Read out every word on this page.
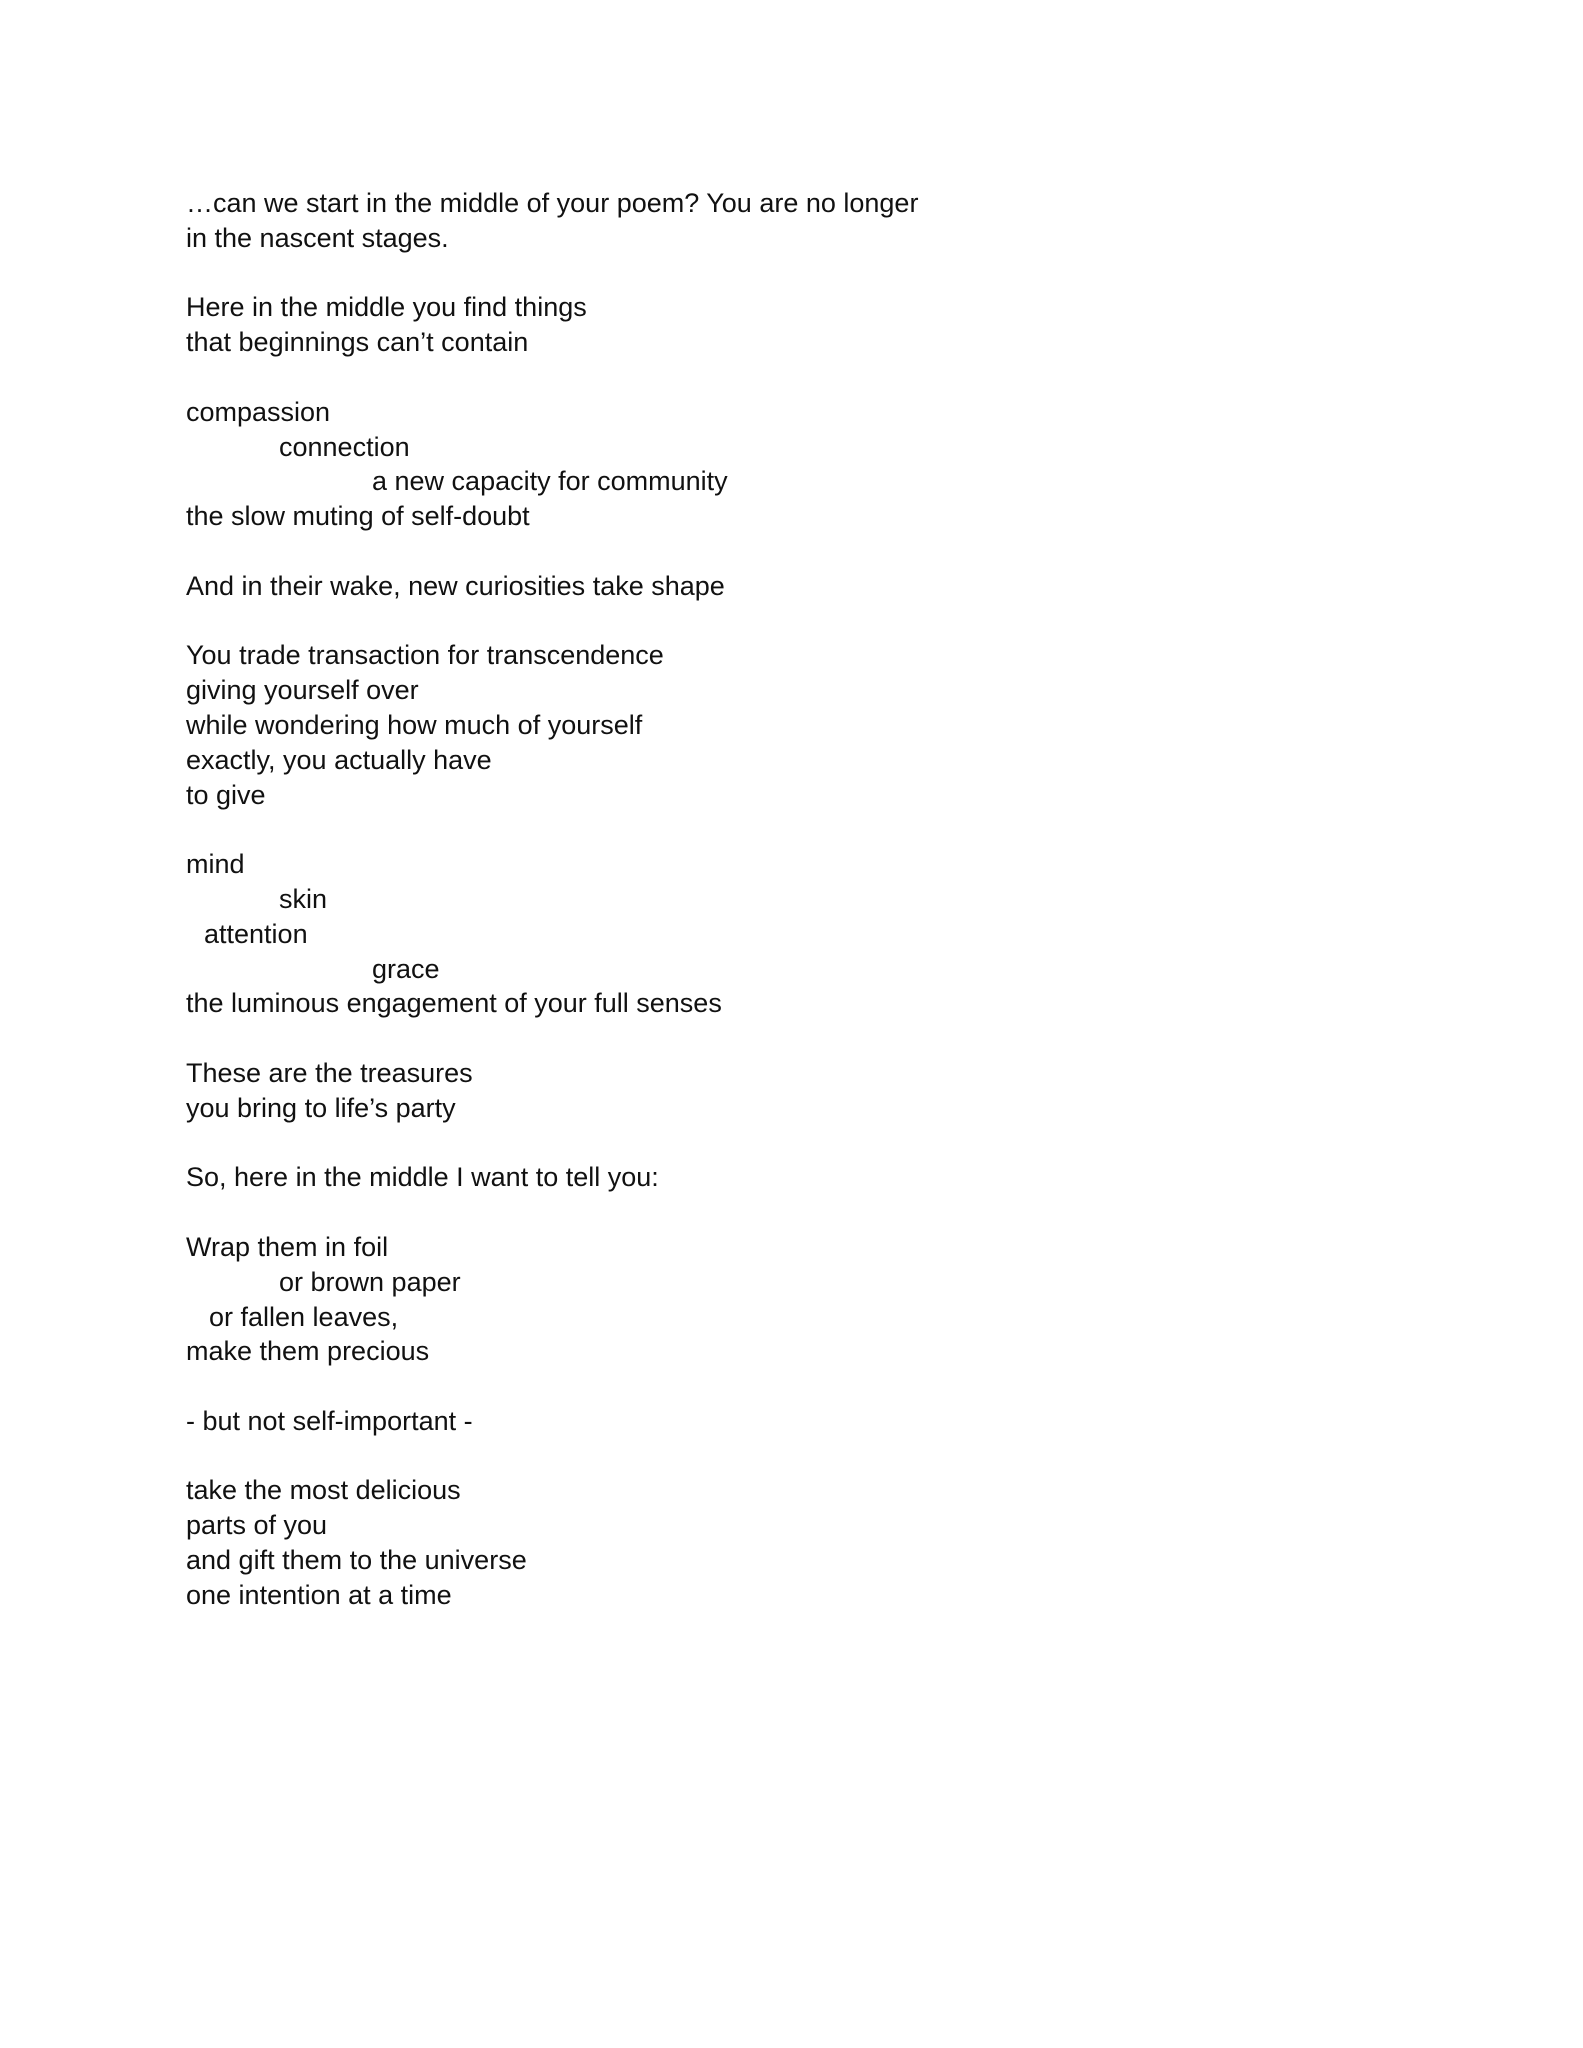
…can we start in the middle of your poem? You are no longer
in the nascent stages.
Here in the middle you find things
that beginnings can’t contain
compassion
connection
a new capacity for community
the slow muting of self-doubt
And in their wake, new curiosities take shape
You trade transaction for transcendence
giving yourself over
while wondering how much of yourself
exactly, you actually have
to give
mind
skin
attention
grace
the luminous engagement of your full senses
These are the treasures
you bring to life’s party
So, here in the middle I want to tell you:
Wrap them in foil
or brown paper
or fallen leaves,
make them precious
- but not self-important -
take the most delicious
parts of you
and gift them to the universe
one intention at a time
